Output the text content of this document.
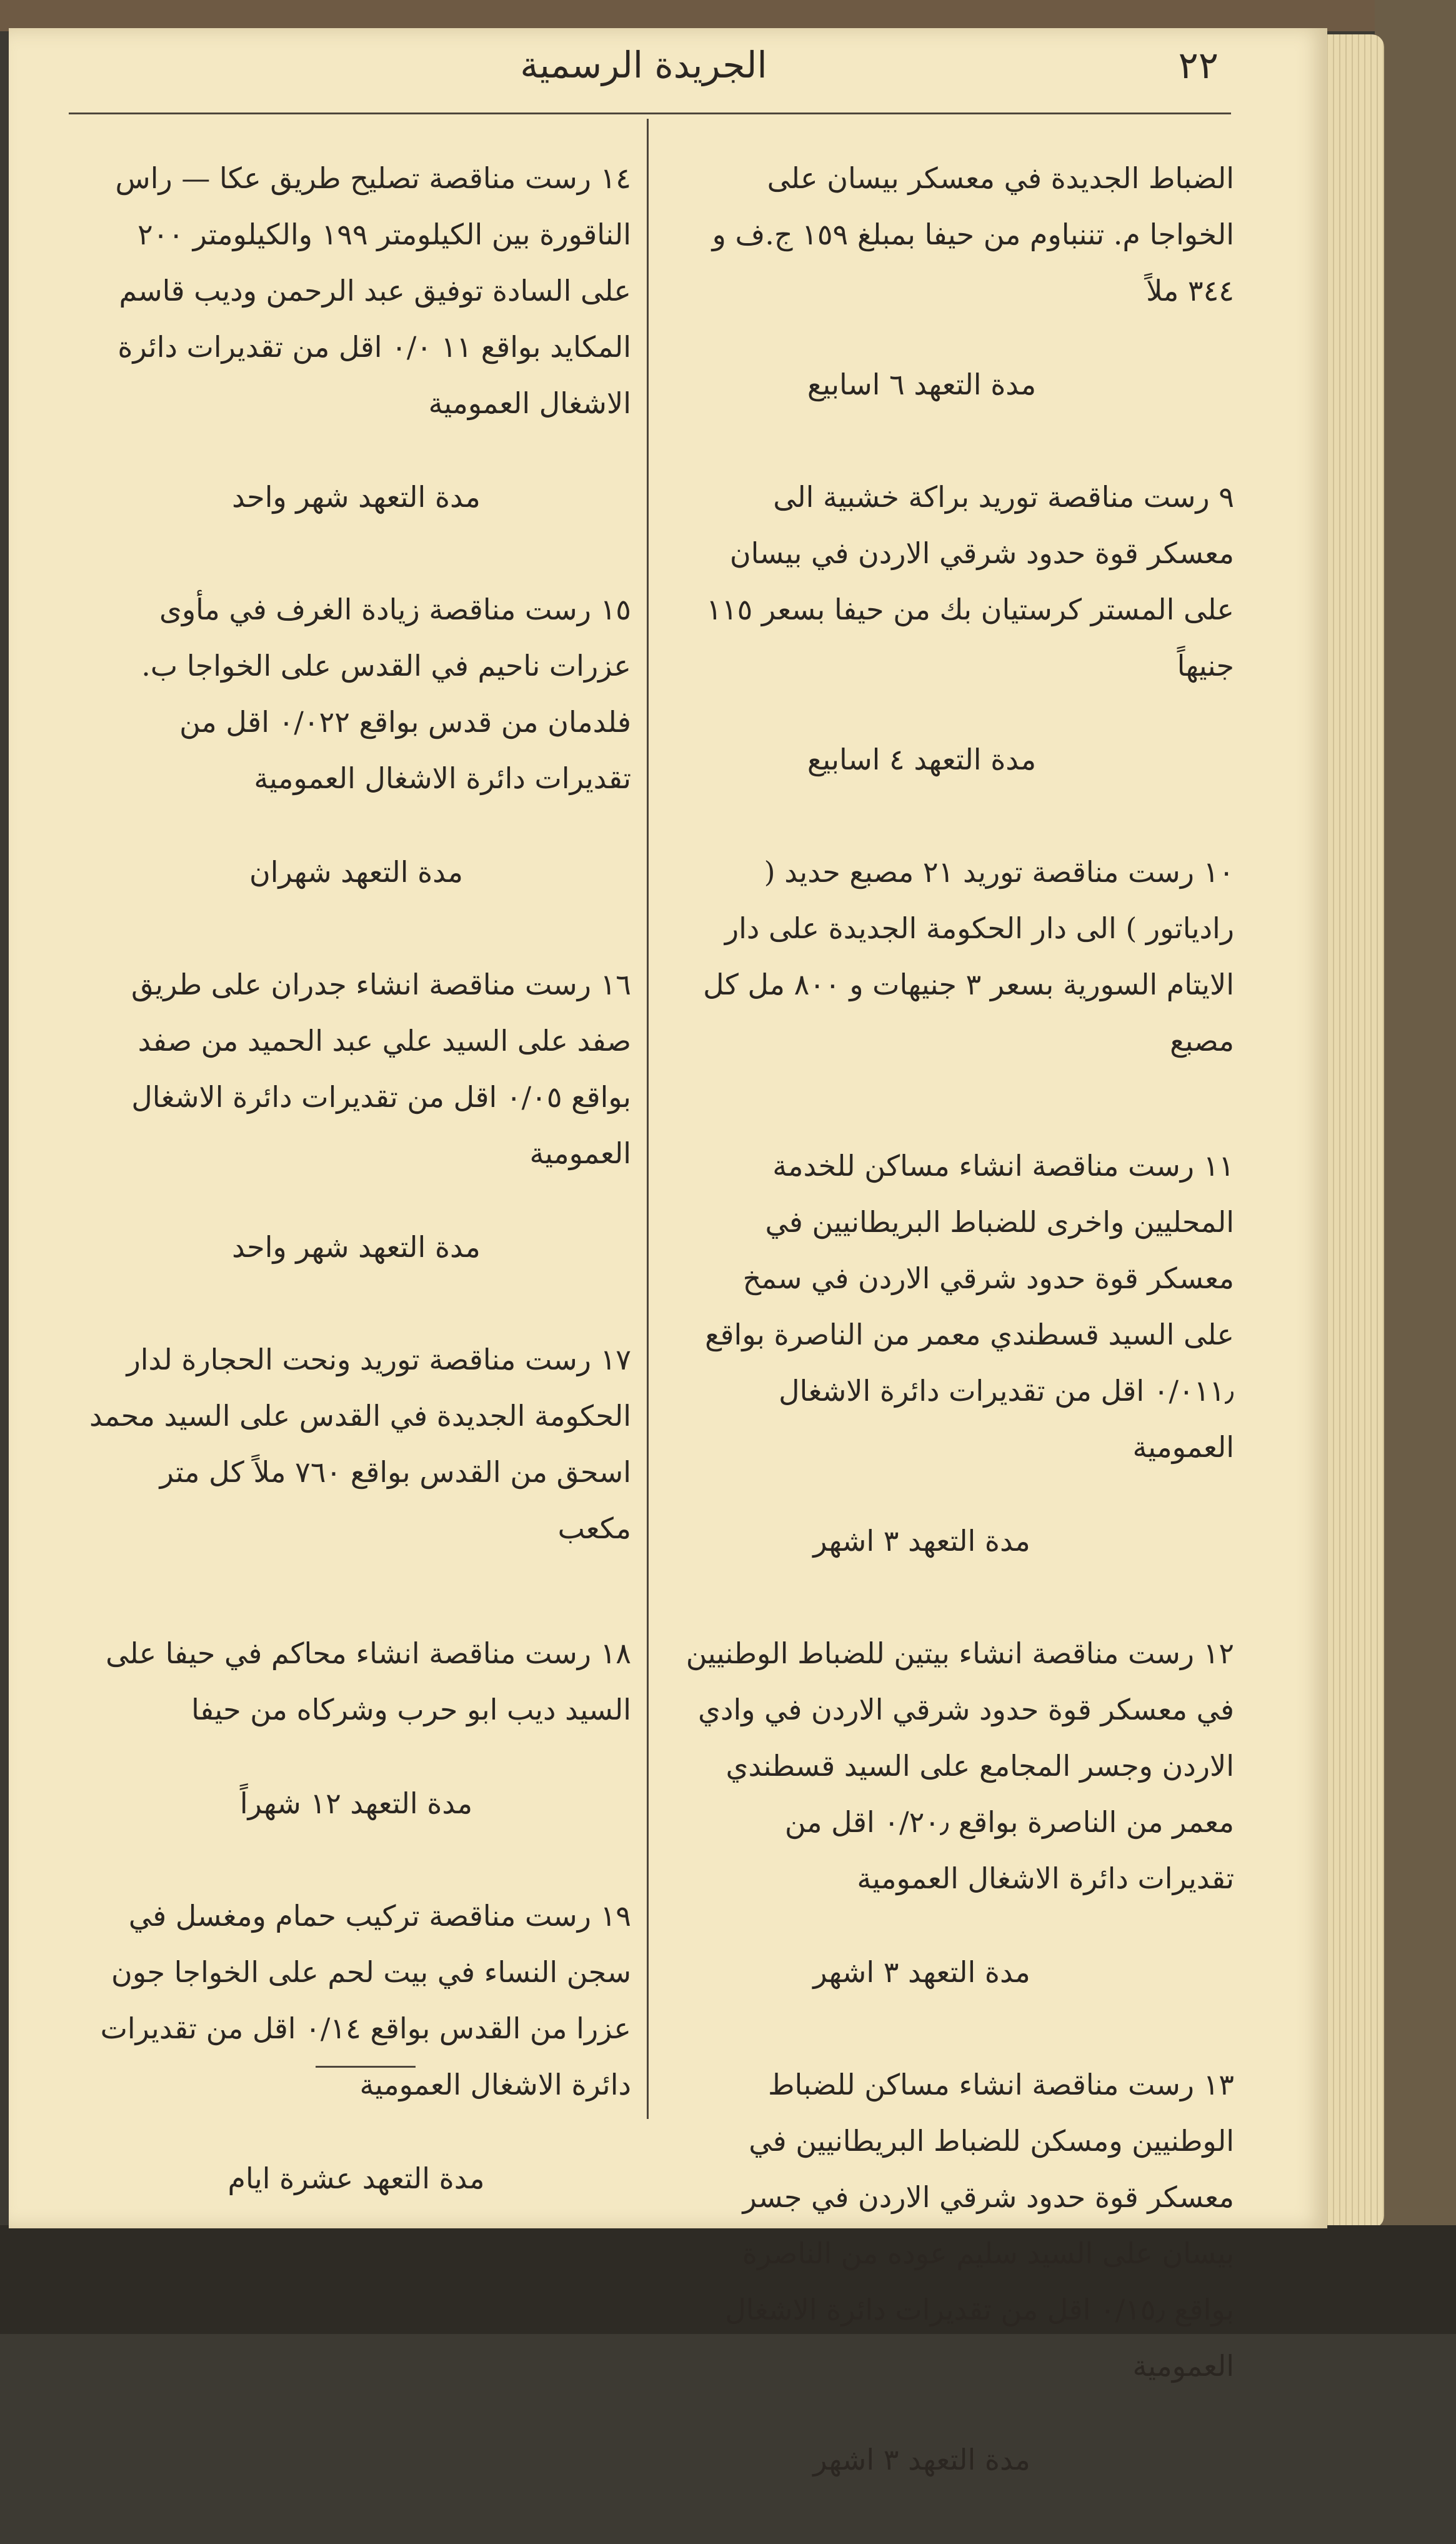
٢٢
الجريدة الرسمية

الضباط الجديدة في معسكر بيسان على الخواجا م. تننباوم من حيفا بمبلغ ١٥٩ ج.ف و ٣٤٤ ملاً

مدة التعهد ٦ اسابيع

٩ رست مناقصة توريد براكة خشبية الى معسكر قوة حدود شرقي الاردن في بيسان على المستر كرستيان بك من حيفا بسعر ١١٥ جنيهاً

مدة التعهد ٤ اسابيع

١٠ رست مناقصة توريد ٢١ مصبع حديد ( رادياتور ) الى دار الحكومة الجديدة على دار الايتام السورية بسعر ٣ جنيهات و ٨٠٠ مل كل مصبع

١١ رست مناقصة انشاء مساكن للخدمة المحليين واخرى للضباط البريطانيين في معسكر قوة حدود شرقي الاردن في سمخ على السيد قسطندي معمر من الناصرة بواقع ٠/٠١١٫ اقل من تقديرات دائرة الاشغال العمومية

مدة التعهد ٣ اشهر

١٢ رست مناقصة انشاء بيتين للضباط الوطنيين في معسكر قوة حدود شرقي الاردن في وادي الاردن وجسر المجامع على السيد قسطندي معمر من الناصرة بواقع ٠/٢٠٫ اقل من تقديرات دائرة الاشغال العمومية

مدة التعهد ٣ اشهر

١٣ رست مناقصة انشاء مساكن للضباط الوطنيين ومسكن للضباط البريطانيين في معسكر قوة حدود شرقي الاردن في جسر بيسان على السيد سليم عوده من الناصرة بواقع ٠/١٥٫ اقل من تقديرات دائرة الاشغال العمومية

مدة التعهد ٣ اشهر

١٤ رست مناقصة تصليح طريق عكا — راس الناقورة بين الكيلومتر ١٩٩ والكيلومتر ٢٠٠ على السادة توفيق عبد الرحمن وديب قاسم المكايد بواقع ١١ ٠/٠ اقل من تقديرات دائرة الاشغال العمومية

مدة التعهد شهر واحد

١٥ رست مناقصة زيادة الغرف في مأوى عزرات ناحيم في القدس على الخواجا ب. فلدمان من قدس بواقع ٠/٠٢٢ اقل من تقديرات دائرة الاشغال العمومية

مدة التعهد شهران

١٦ رست مناقصة انشاء جدران على طريق صفد على السيد علي عبد الحميد من صفد بواقع ٠/٠٥ اقل من تقديرات دائرة الاشغال العمومية

مدة التعهد شهر واحد

١٧ رست مناقصة توريد ونحت الحجارة لدار الحكومة الجديدة في القدس على السيد محمد اسحق من القدس بواقع ٧٦٠ ملاً كل متر مكعب

١٨ رست مناقصة انشاء محاكم في حيفا على السيد ديب ابو حرب وشركاه من حيفا

مدة التعهد ١٢ شهراً

١٩ رست مناقصة تركيب حمام ومغسل في سجن النساء في بيت لحم على الخواجا جون عزرا من القدس بواقع ٠/١٤ اقل من تقديرات دائرة الاشغال العمومية

مدة التعهد عشرة ايام
